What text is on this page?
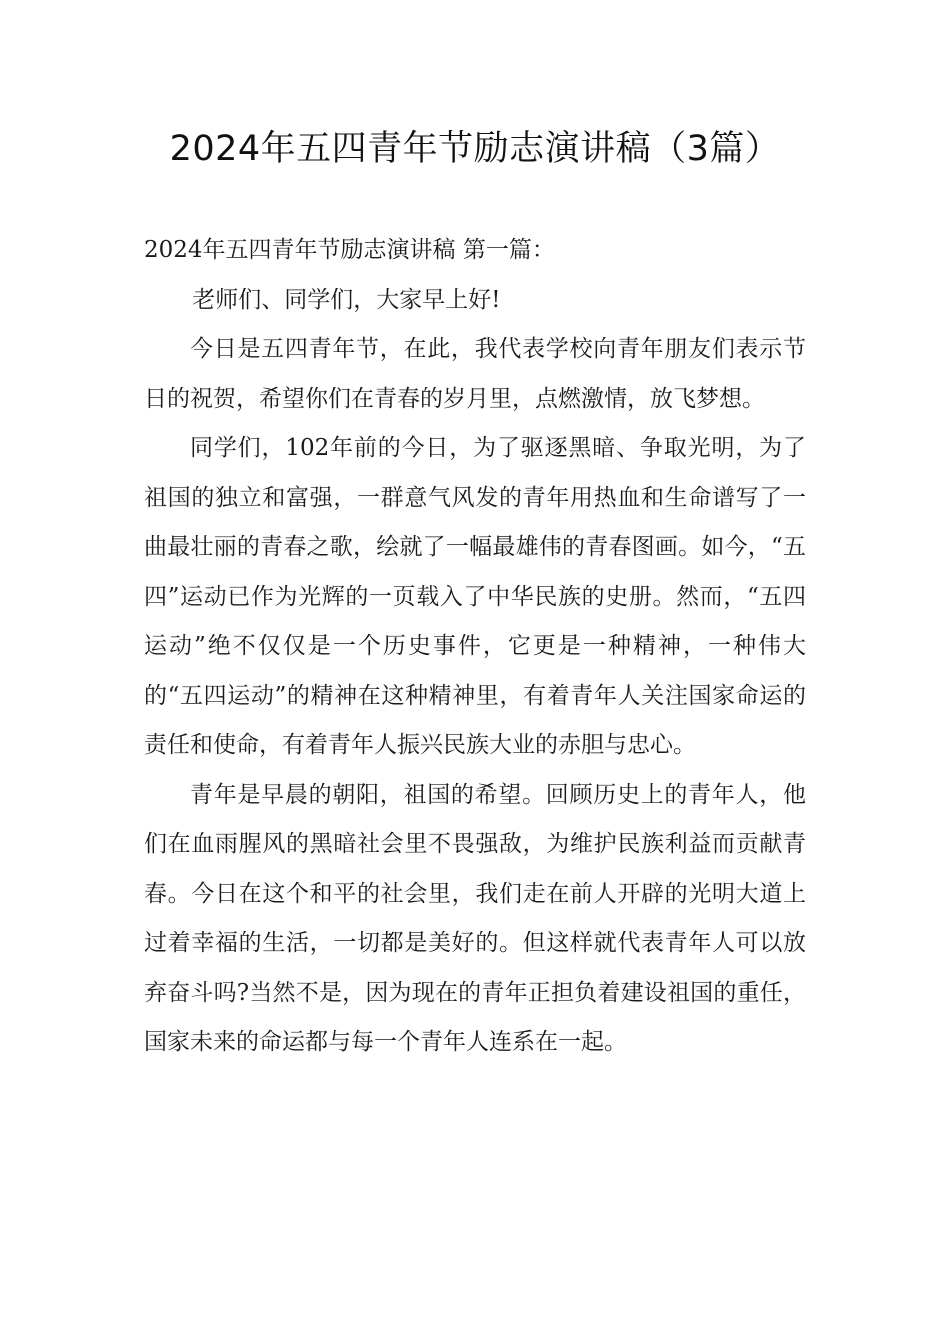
2024年五四青年节励志演讲稿（3篇）

2024年五四青年节励志演讲稿 第一篇：

老师们、同学们，大家早上好!

今日是五四青年节，在此，我代表学校向青年朋友们表示节日的祝贺，希望你们在青春的岁月里，点燃激情，放飞梦想。

同学们，102年前的今日，为了驱逐黑暗、争取光明，为了祖国的独立和富强，一群意气风发的青年用热血和生命谱写了一曲最壮丽的青春之歌，绘就了一幅最雄伟的青春图画。如今，“五四”运动已作为光辉的一页载入了中华民族的史册。然而，“五四运动”绝不仅仅是一个历史事件，它更是一种精神，一种伟大的“五四运动”的精神在这种精神里，有着青年人关注国家命运的责任和使命，有着青年人振兴民族大业的赤胆与忠心。

青年是早晨的朝阳，祖国的希望。回顾历史上的青年人，他们在血雨腥风的黑暗社会里不畏强敌，为维护民族利益而贡献青春。今日在这个和平的社会里，我们走在前人开辟的光明大道上过着幸福的生活，一切都是美好的。但这样就代表青年人可以放弃奋斗吗?当然不是，因为现在的青年正担负着建设祖国的重任，国家未来的命运都与每一个青年人连系在一起。
